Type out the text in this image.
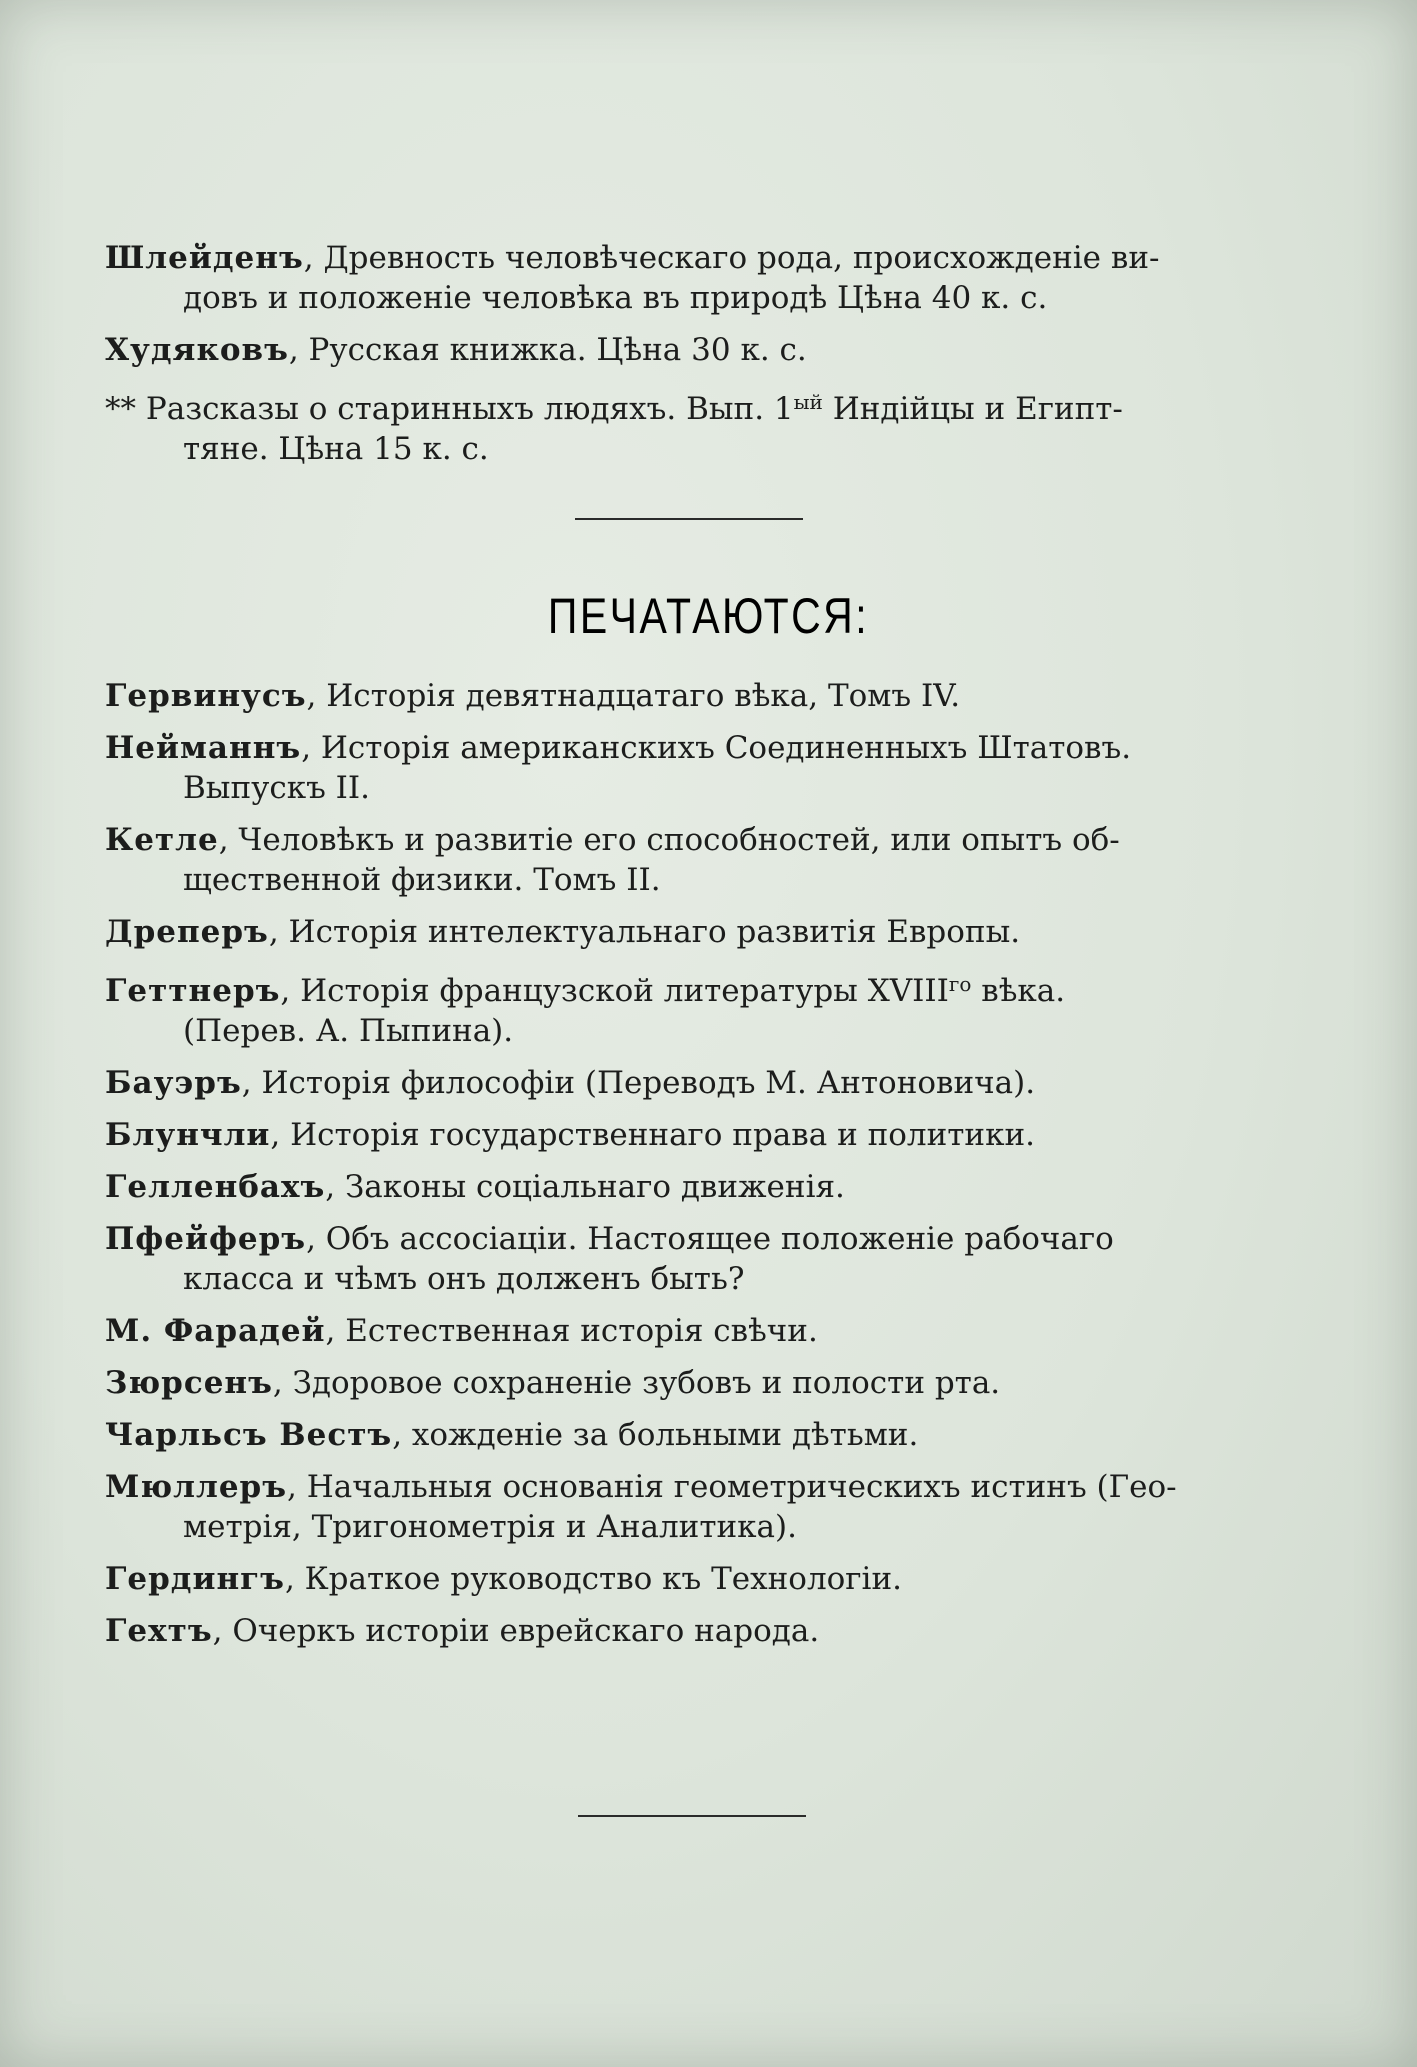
Шлейденъ, Древность человѣческаго рода, происхожденіе ви-
довъ и положеніе человѣка въ природѣ Цѣна 40 к. с.

Худяковъ, Русская книжка. Цѣна 30 к. с.

** Разсказы о старинныхъ людяхъ. Вып. $1^{ый}$ Индійцы и Египт-
тяне. Цѣна 15 к. с.

ПЕЧАТАЮТСЯ:

Гервинусъ, Исторія девятнадцатаго вѣка, Томъ IV.

Нейманнъ, Исторія американскихъ Соединенныхъ Штатовъ.
Выпускъ II.

Кетле, Человѣкъ и развитіе его способностей, или опытъ об-
щественной физики. Томъ II.

Дреперъ, Исторія интелектуальнаго развитія Европы.

Геттнеръ, Исторія французской литературы $XVIII^{го}$ вѣка.
(Перев. А. Пыпина).

Бауэръ, Исторія философіи (Переводъ М. Антоновича).

Блунчли, Исторія государственнаго права и политики.

Гелленбахъ, Законы соціальнаго движенія.

Пфейферъ, Объ ассосіаціи. Настоящее положеніе рабочаго
класса и чѣмъ онъ долженъ быть?

М. Фарадей, Естественная исторія свѣчи.

Зюрсенъ, Здоровое сохраненіе зубовъ и полости рта.

Чарльсъ Вестъ, хожденіе за больными дѣтьми.

Мюллеръ, Начальныя основанія геометрическихъ истинъ (Гео-
метрія, Тригонометрія и Аналитика).

Гердингъ, Краткое руководство къ Технологіи.

Гехтъ, Очеркъ исторіи еврейскаго народа.
